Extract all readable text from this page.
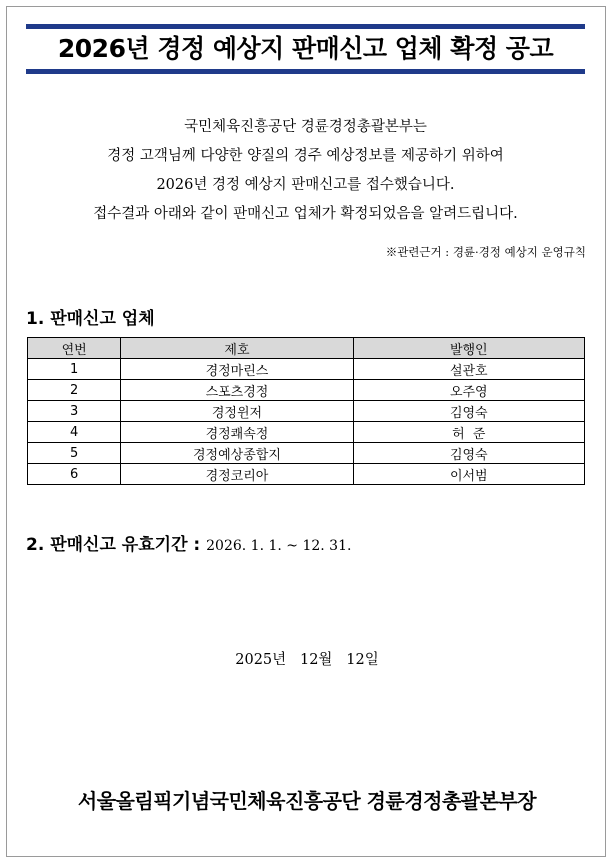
2026년 경정 예상지 판매신고 업체 확정 공고
국민체육진흥공단 경륜경정총괄본부는
경정 고객님께 다양한 양질의 경주 예상정보를 제공하기 위하여
2026년 경정 예상지 판매신고를 접수했습니다.
접수결과 아래와 같이 판매신고 업체가 확정되었음을 알려드립니다.
※관련근거 : 경륜·경정 예상지 운영규칙
1. 판매신고 업체
연번	제호	발행인
1	경정마린스	설관호
2	스포츠경정	오주영
3	경정윈저	김영숙
4	경정쾌속정	허  준
5	경정예상종합지	김영숙
6	경정코리아	이서범
2. 판매신고 유효기간 : 2026. 1. 1. ~ 12. 31.
2025년   12월   12일
서울올림픽기념국민체육진흥공단 경륜경정총괄본부장
